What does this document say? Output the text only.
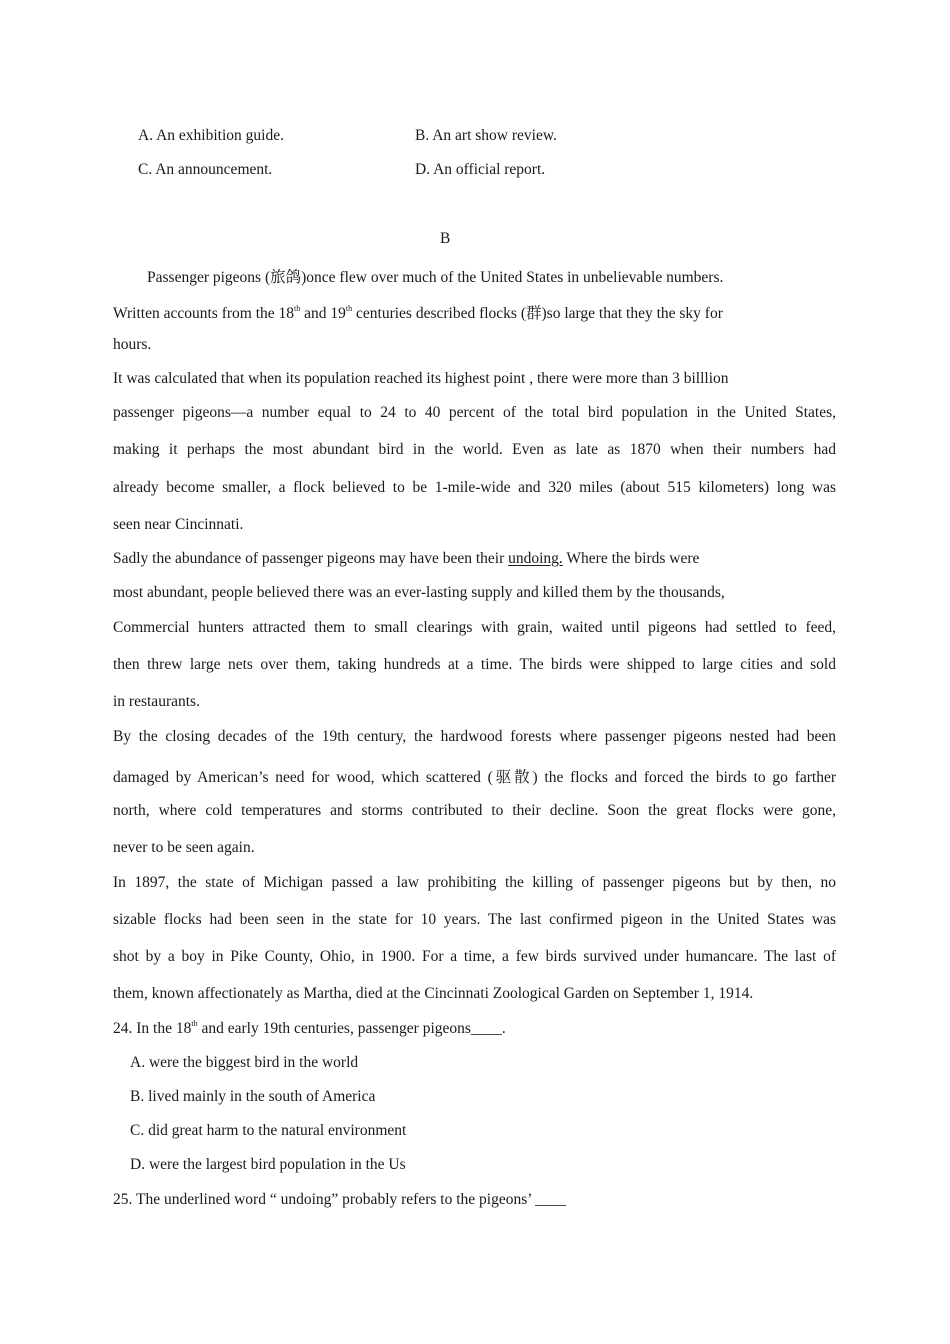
A. An exhibition guide.	B. An art show review.
C. An announcement.	D. An official report.
B
Passenger pigeons (旅鸽)once flew over much of the United States in unbelievable numbers.
Written accounts from the 18th and 19th centuries described flocks (群)so large that they the sky for
hours.
It was calculated that when its population reached its highest point , there were more than 3 billlion
passenger pigeons—a number equal to 24 to 40 percent of the total bird population in the United States,
making it perhaps the most abundant bird in the world. Even as late as 1870 when their numbers had
already become smaller, a flock believed to be 1-mile-wide and 320 miles (about 515 kilometers) long was
seen near Cincinnati.
Sadly the abundance of passenger pigeons may have been their undoing. Where the birds were
most abundant, people believed there was an ever-lasting supply and killed them by the thousands,
Commercial hunters attracted them to small clearings with grain, waited until pigeons had settled to feed,
then threw large nets over them, taking hundreds at a time. The birds were shipped to large cities and sold
in restaurants.
By the closing decades of the 19th century, the hardwood forests where passenger pigeons nested had been
damaged by American’s need for wood, which scattered (驱散) the flocks and forced the birds to go farther
north, where cold temperatures and storms contributed to their decline. Soon the great flocks were gone,
never to be seen again.
In 1897, the state of Michigan passed a law prohibiting the killing of passenger pigeons but by then, no
sizable flocks had been seen in the state for 10 years. The last confirmed pigeon in the United States was
shot by a boy in Pike County, Ohio, in 1900. For a time, a few birds survived under humancare. The last of
them, known affectionately as Martha, died at the Cincinnati Zoological Garden on September 1, 1914.
24. In the 18th and early 19th centuries, passenger pigeons____.
A. were the biggest bird in the world
B. lived mainly in the south of America
C. did great harm to the natural environment
D. were the largest bird population in the Us
25. The underlined word “ undoing” probably refers to the pigeons’ ____
